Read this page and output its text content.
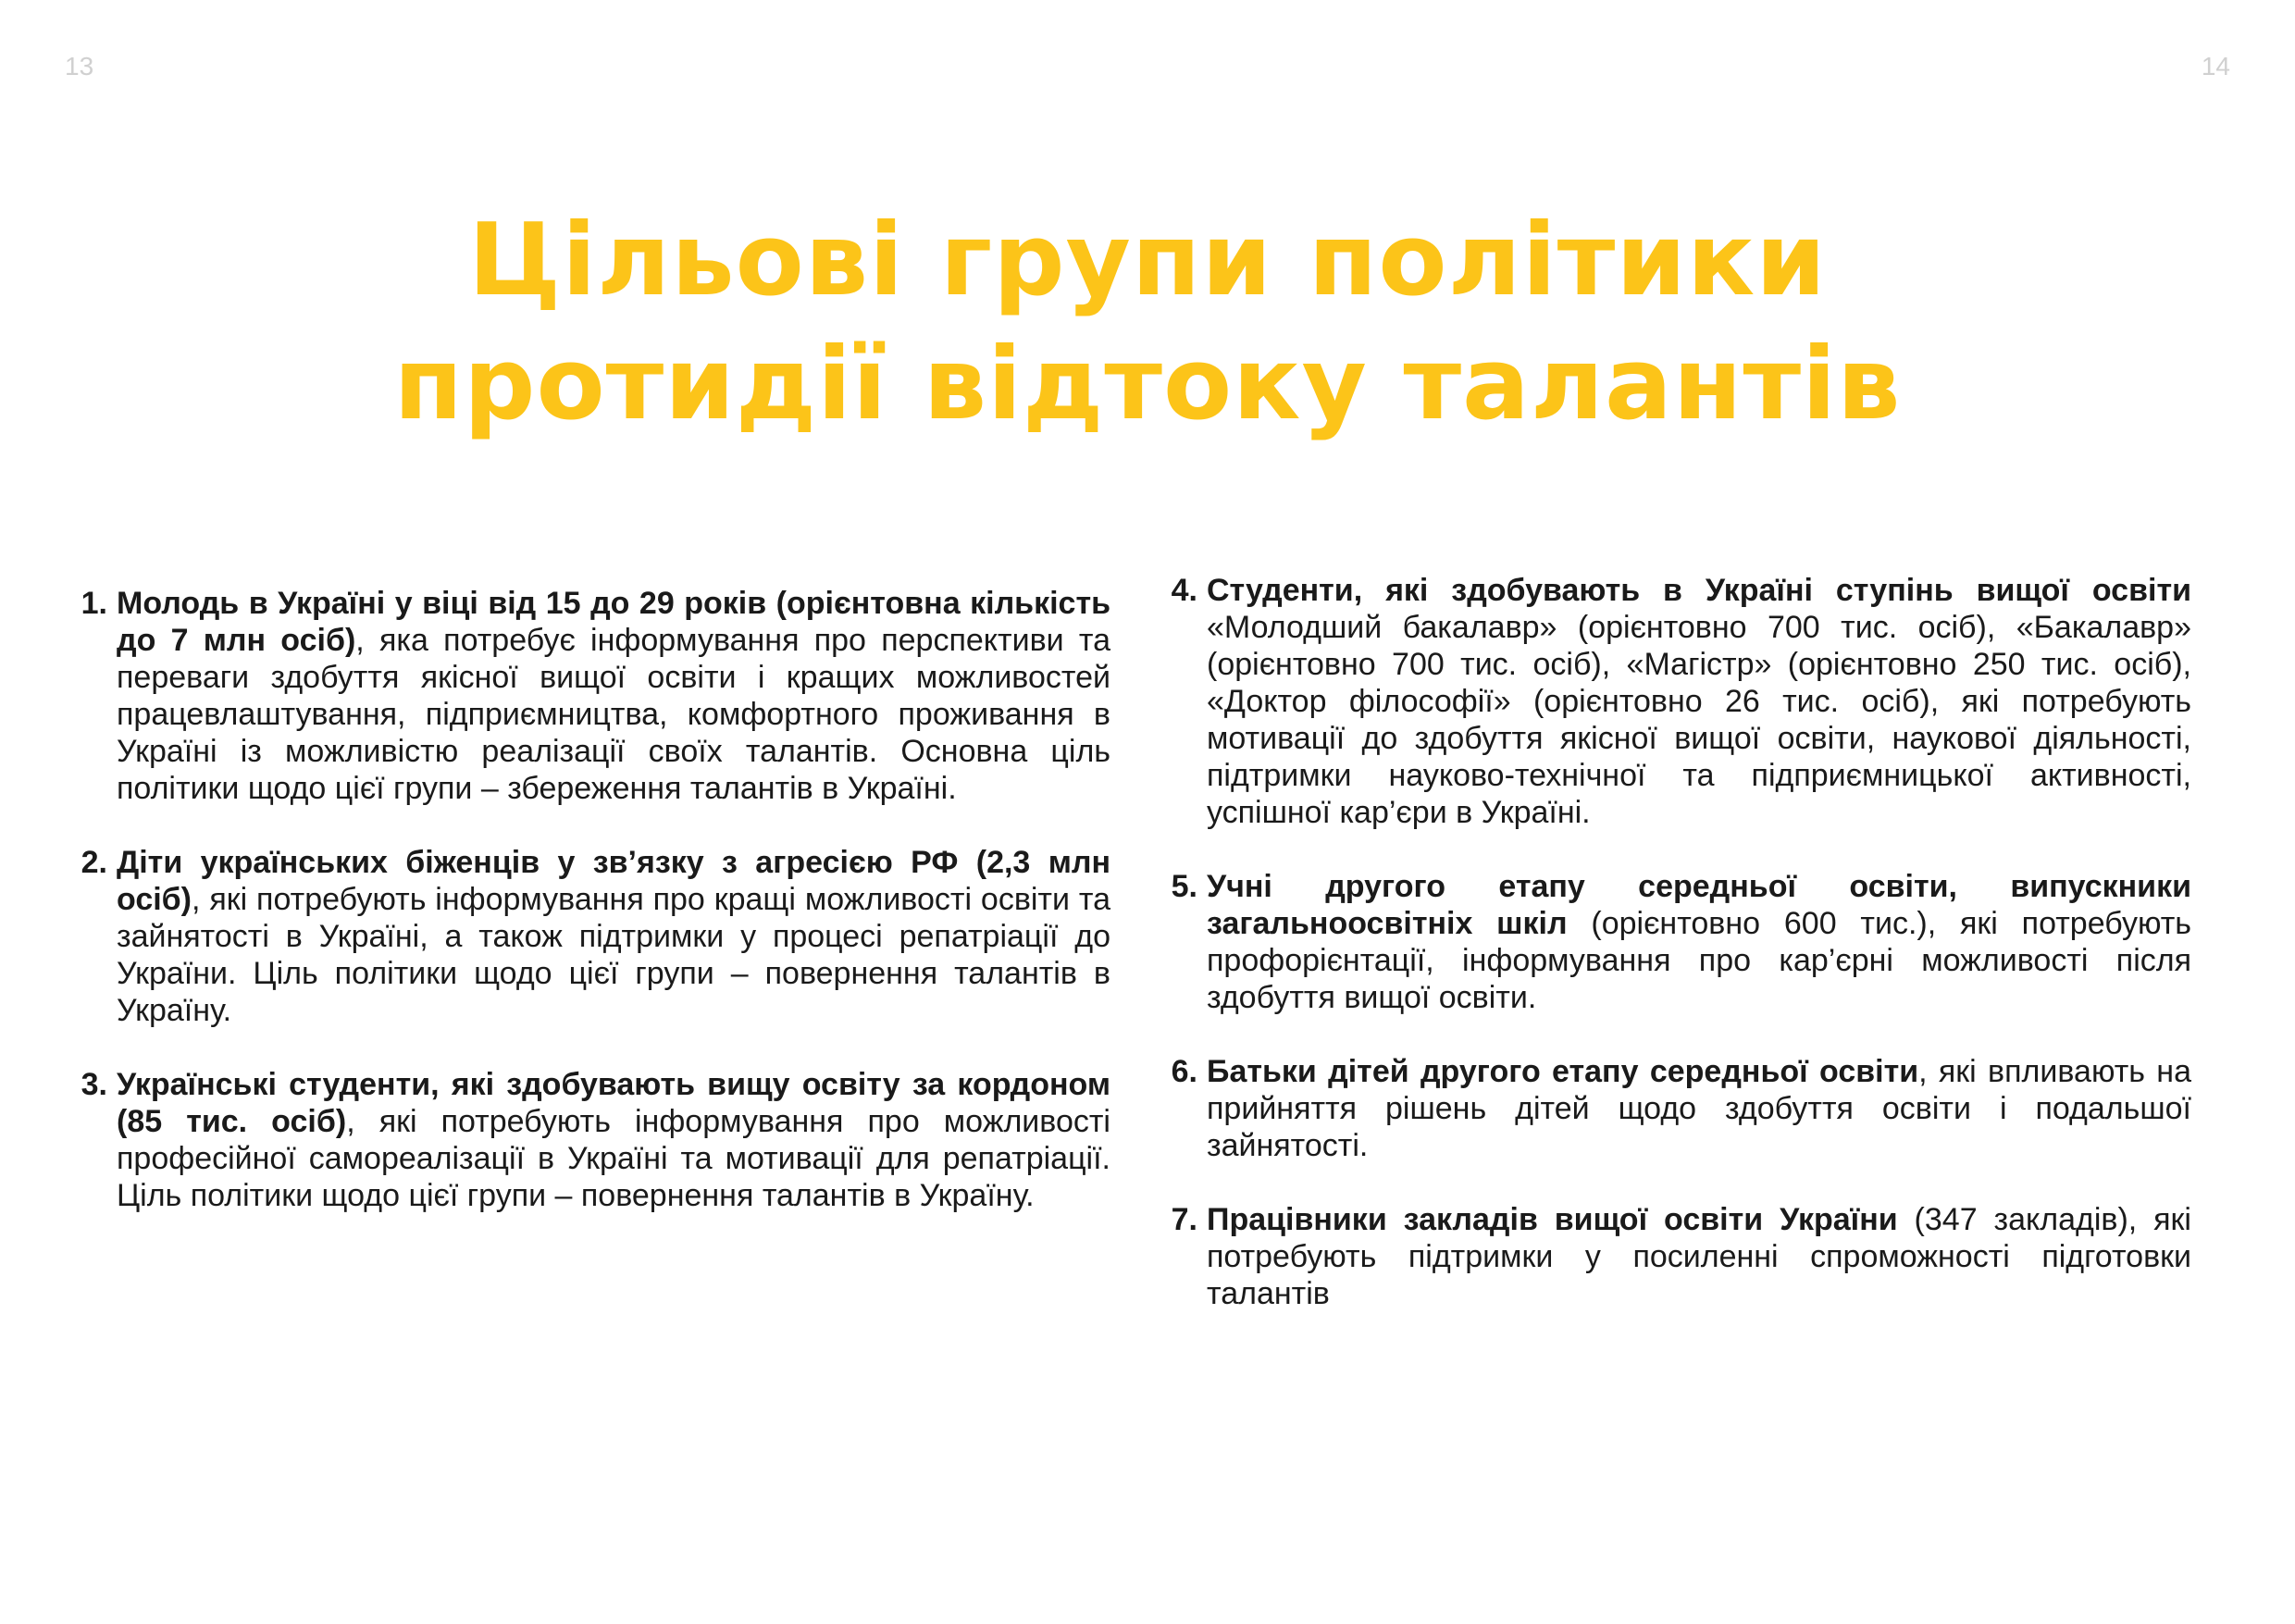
13	14
Цільові групи політики
протидії відтоку талантів
1. Молодь в Україні у віці від 15 до 29 років (орієнтовна кількість до 7 млн осіб), яка потребує інформування про перспективи та переваги здобуття якісної вищої освіти і кращих можливостей працевлаштування, підприємництва, комфортного проживання в Україні із можливістю реалізації своїх талантів. Основна ціль політики щодо цієї групи – збереження талантів в Україні.
2. Діти українських біженців у зв’язку з агресією РФ (2,3 млн осіб), які потребують інформування про кращі можливості освіти та зайнятості в Україні, а також підтримки у процесі репатріації до України. Ціль політики щодо цієї групи – повернення талантів в Україну.
3. Українські студенти, які здобувають вищу освіту за кордоном (85 тис. осіб), які потребують інформування про можливості професійної самореалізації в Україні та мотивації для репатріації. Ціль політики щодо цієї групи – повернення талантів в Україну.
4. Студенти, які здобувають в Україні ступінь вищої освіти «Молодший бакалавр» (орієнтовно 700 тис. осіб), «Бакалавр» (орієнтовно 700 тис. осіб), «Магістр» (орієнтовно 250 тис. осіб), «Доктор філософії» (орієнтовно 26 тис. осіб), які потребують мотивації до здобуття якісної вищої освіти, наукової діяльності, підтримки науково-технічної та підприємницької активності, успішної кар’єри в Україні.
5. Учні другого етапу середньої освіти, випускники загальноосвітніх шкіл (орієнтовно 600 тис.), які потребують профорієнтації, інформування про кар’єрні можливості після здобуття вищої освіти.
6. Батьки дітей другого етапу середньої освіти, які впливають на прийняття рішень дітей щодо здобуття освіти і подальшої зайнятості.
7. Працівники закладів вищої освіти України (347 закладів), які потребують підтримки у посиленні спроможності підготовки талантів
